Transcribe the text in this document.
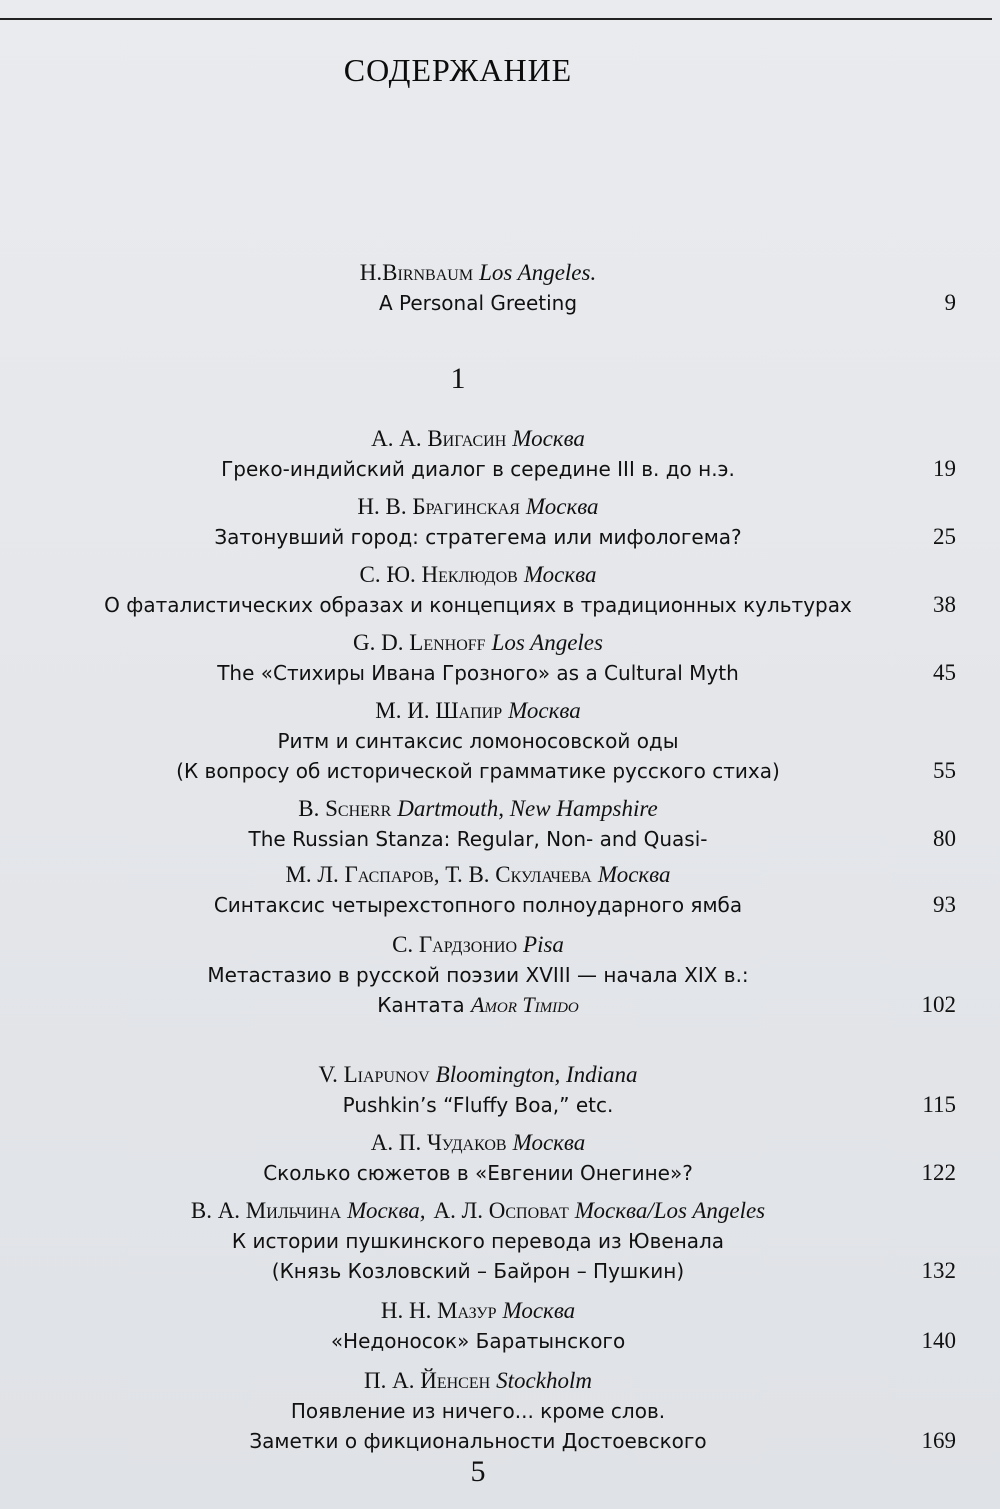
СОДЕРЖАНИЕ
H.Birnbaum Los Angeles.
A Personal Greeting	9
1
А. А. Вигасин Москва
Греко-индийский диалог в середине III в. до н.э.	19
Н. В. Брагинская Москва
Затонувший город: стратегема или мифологема?	25
С. Ю. Неклюдов Москва
О фаталистических образах и концепциях в традиционных культурах	38
G. D. Lenhoff Los Angeles
The «Стихиры Ивана Грозного» as a Cultural Myth	45
М. И. Шапир Москва
Ритм и синтаксис ломоносовской оды
(К вопросу об исторической грамматике русского стиха)	55
B. Scherr Dartmouth, New Hampshire
The Russian Stanza: Regular, Non- and Quasi-	80
М. Л. Гаспаров, Т. В. Скулачева Москва
Синтаксис четырехстопного полноударного ямба	93
С. Гардзонио Pisa
Метастазио в русской поэзии XVIII — начала XIX в.:
Кантата Amor Timido	102
V. Liapunov Bloomington, Indiana
Pushkin’s “Fluffy Boa,” etc.	115
А. П. Чудаков Москва
Сколько сюжетов в «Евгении Онегине»?	122
В. А. Мильчина Москва, А. Л. Осповат Москва/Los Angeles
К истории пушкинского перевода из Ювенала
(Князь Козловский – Байрон – Пушкин)	132
Н. Н. Мазур Москва
«Недоносок» Баратынского	140
П. А. Йенсен Stockholm
Появление из ничего... кроме слов.
Заметки о фикциональности Достоевского	169
5
